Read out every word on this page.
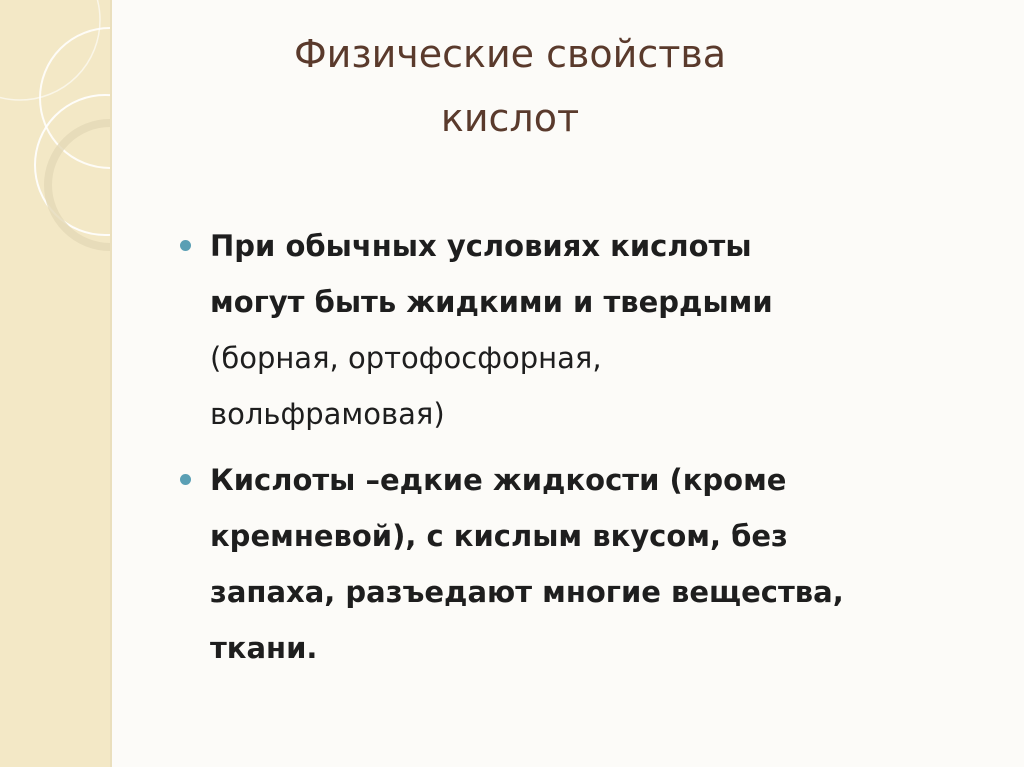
Физические свойства
кислот
При обычных условиях кислоты
могут быть жидкими и твердыми
(борная, ортофосфорная,
вольфрамовая)
Кислоты –едкие жидкости (кроме
кремневой), с кислым вкусом, без
запаха, разъедают многие вещества,
ткани.
